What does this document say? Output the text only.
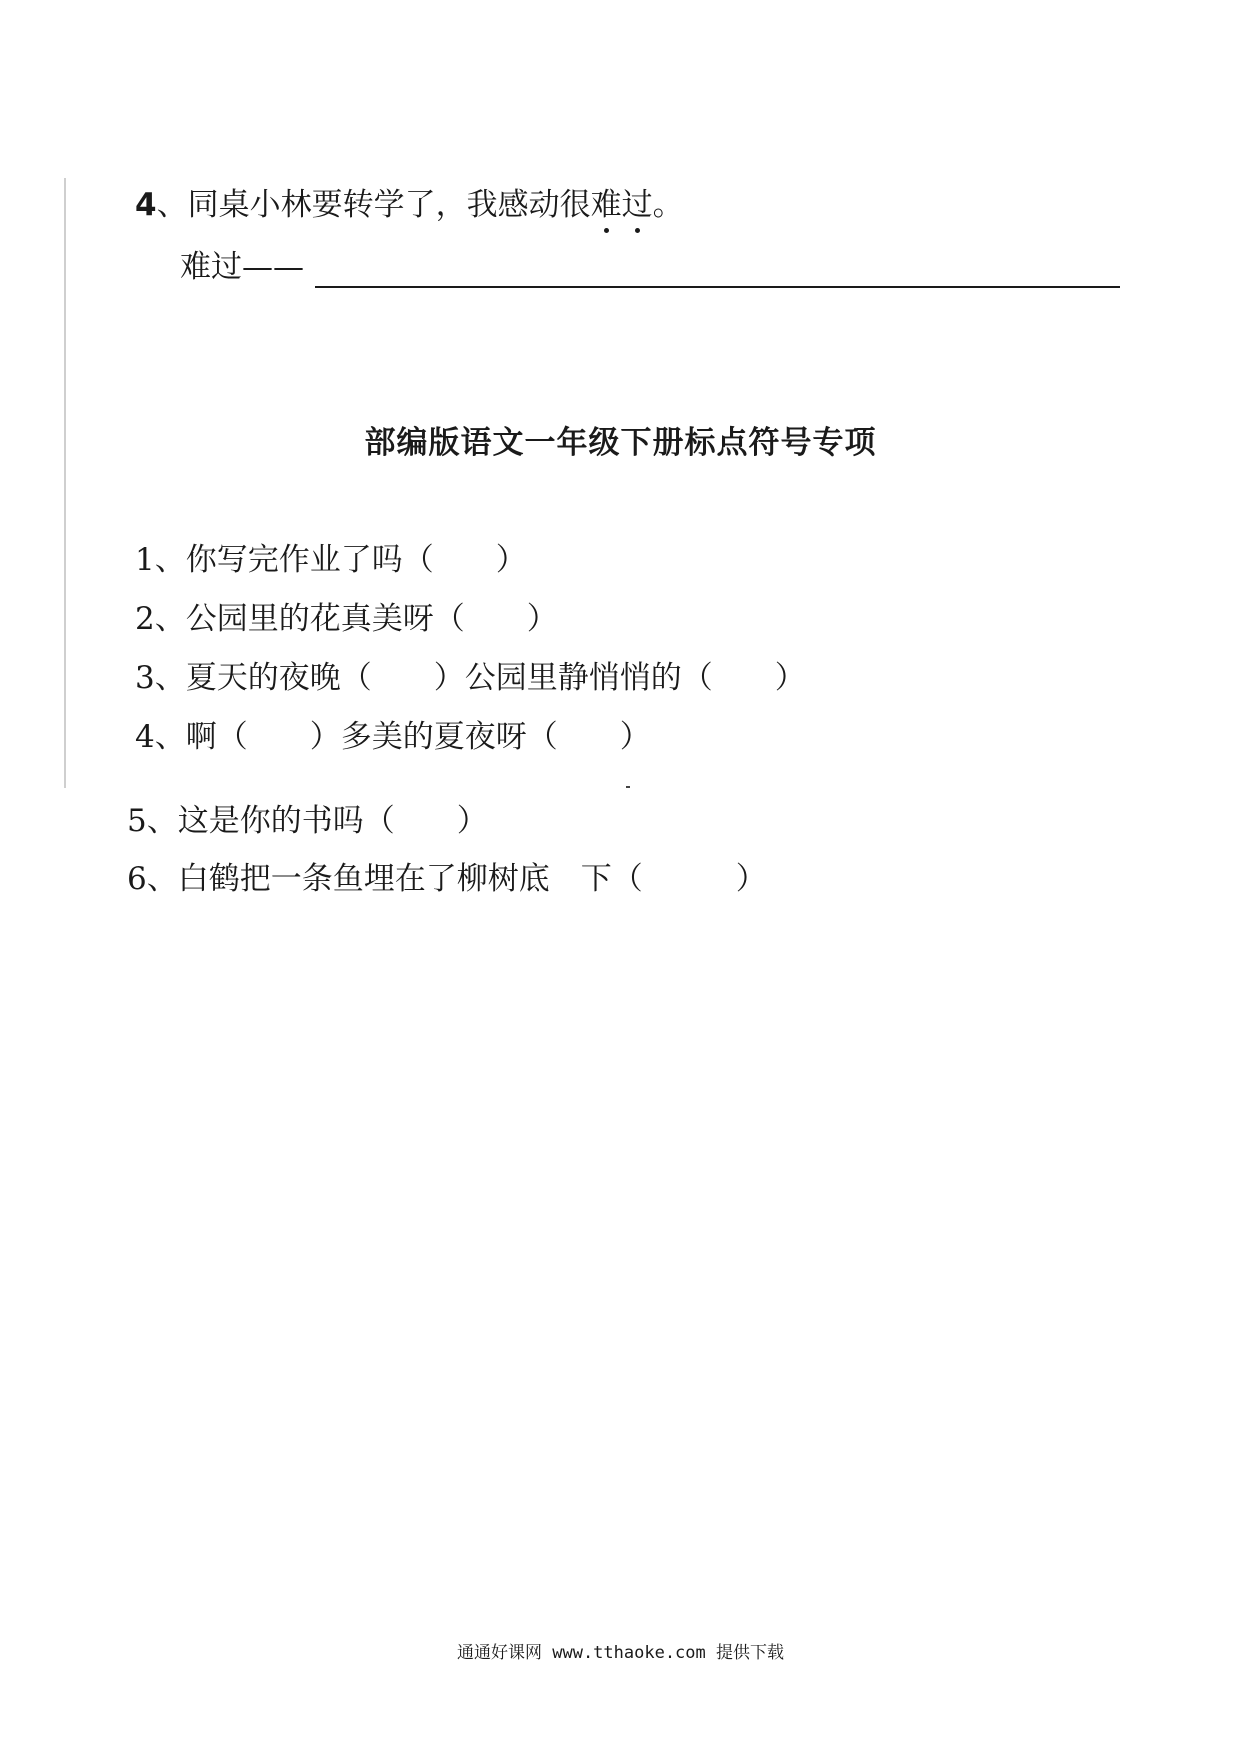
4、同桌小林要转学了，我感动很难
过
。
难过——
部编版语文一年级下册标点符号专项
1、你写完作业了吗（　　）
2、公园里的花真美呀（　　）
3、夏天的夜晚（　　）公园里静悄悄的（　　）
4、啊（　　）多美的夏夜呀（　　）
5、这是你的书吗（　　）
6、白鹤把一条鱼埋在了柳树底　下（　　　）
通通好课网 www.tthaoke.com 提供下载
